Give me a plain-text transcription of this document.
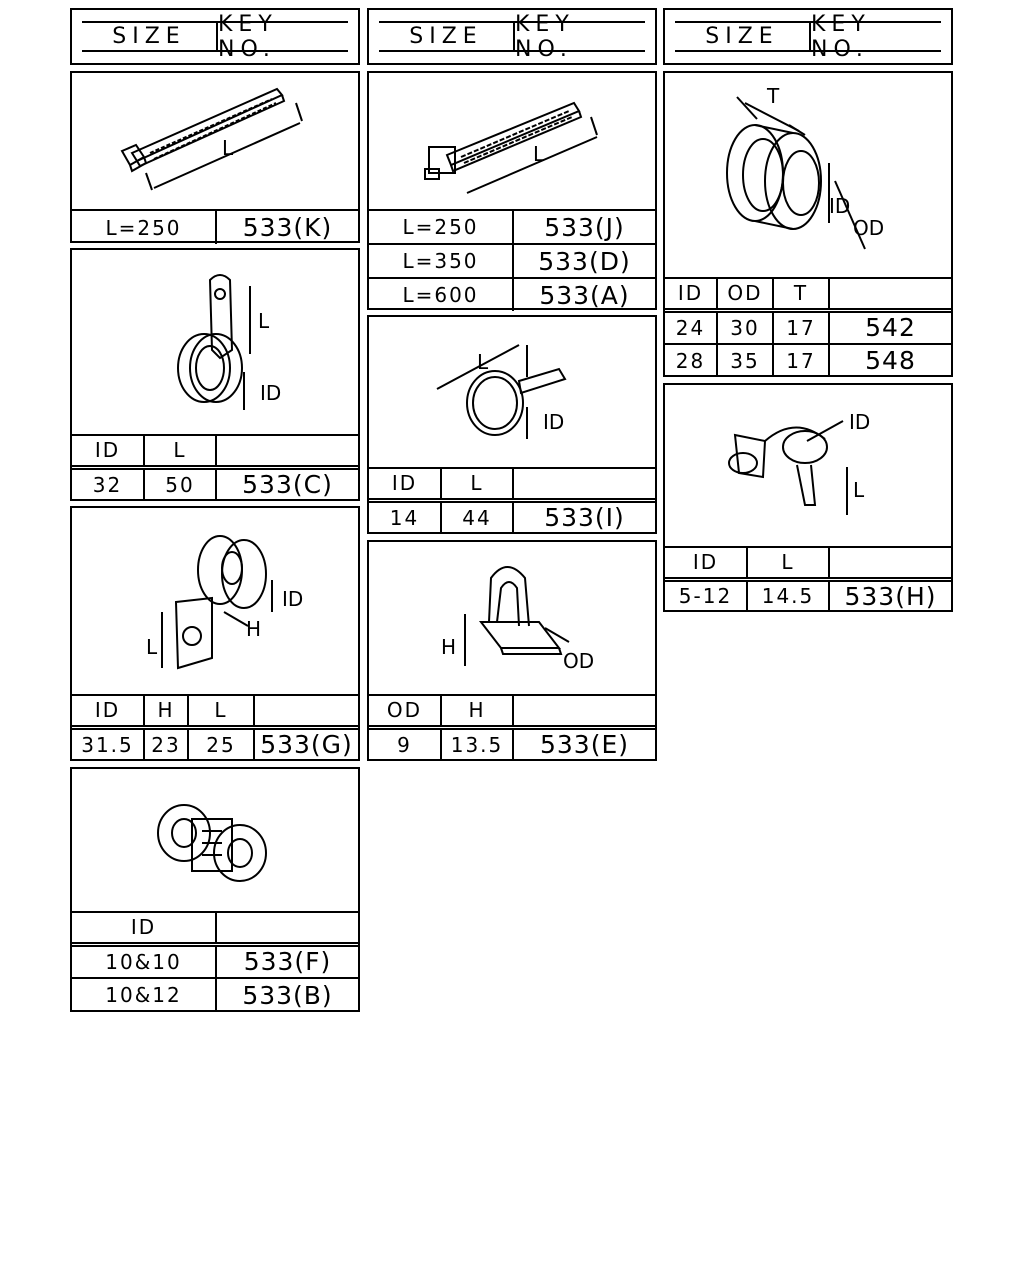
SIZE	KEY NO.	SIZE	KEY NO.	SIZE	KEY NO.
L
L=250	533(K)
L
L=250	533(J)
L=350	533(D)
L=600	533(A)
T
ID
OD
ID	OD	T	
24	30	17	542
28	35	17	548
L
ID
ID	L	
32	50	533(C)
L
ID
ID	L	
14	44	533(I)
ID
L
ID	L	
5-12	14.5	533(H)
ID
H
L
ID	H	L	
31.5	23	25	533(G)
H
OD
OD	H	
9	13.5	533(E)
ID	
10&10	533(F)
10&12	533(B)
